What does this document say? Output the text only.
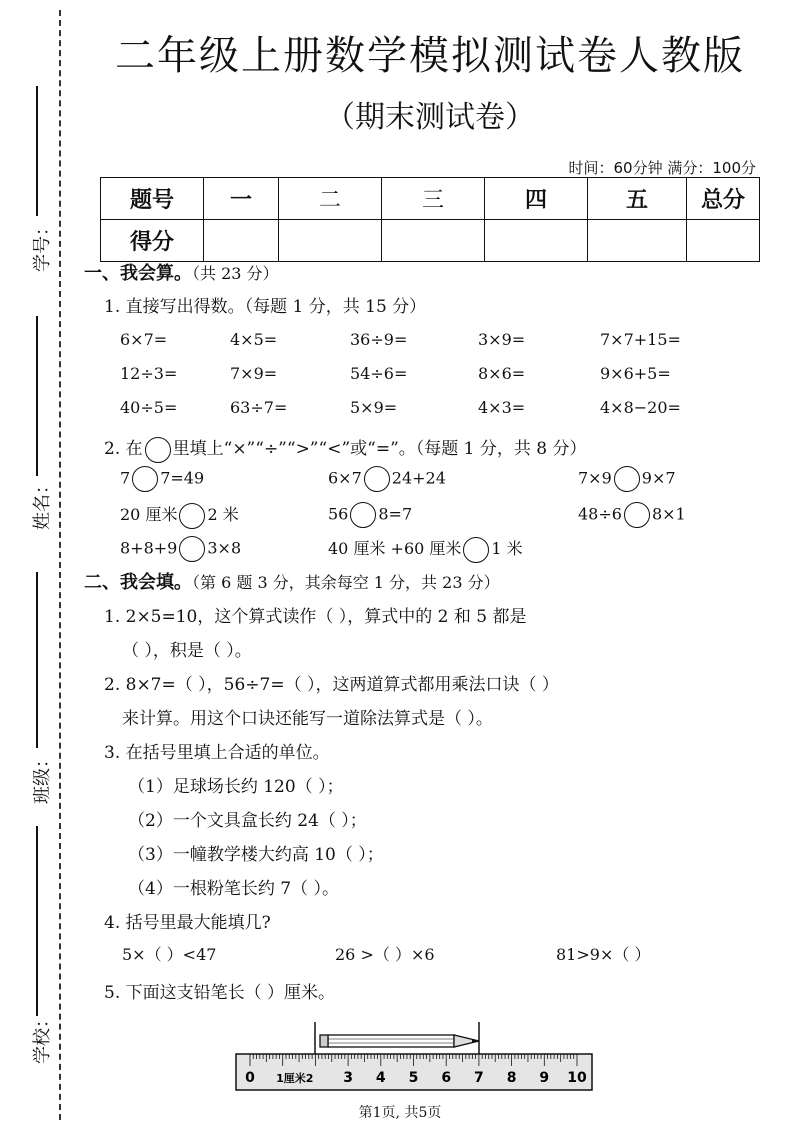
学号：
姓名：
班级：
学校：
二年级上册数学模拟测试卷人教版
（期末测试卷）
时间：60分钟 满分：100分
题号	一	二	三	四	五	总分
得分						
一、我会算。（共 23 分）
1. 直接写出得数。（每题 1 分，共 15 分）
6×7=	4×5=	36÷9=	3×9=	7×7+15=
12÷3=	7×9=	54÷6=	8×6=	9×6+5=
40÷5=	63÷7=	5×9=	4×3=	4×8−20=
2. 在 里填上“×”“÷”“>”“<”或“=”。（每题 1 分，共 8 分）
7 7=49	6×7 24+24	7×9 9×7
20 厘米 2 米	56 8=7	48÷6 8×1
8+8+9 3×8	40 厘米 +60 厘米 1 米
二、我会填。（第 6 题 3 分，其余每空 1 分，共 23 分）
1. 2×5=10，这个算式读作（ ），算式中的 2 和 5 都是
（ ），积是（ ）。
2. 8×7=（ ），56÷7=（ ），这两道算式都用乘法口诀（ ）
来计算。用这个口诀还能写一道除法算式是（ ）。
3. 在括号里填上合适的单位。
（1）足球场长约 120（ ）；
（2）一个文具盒长约 24（ ）；
（3）一幢教学楼大约高 10（ ）；
（4）一根粉笔长约 7（ ）。
4. 括号里最大能填几?
5×（ ）<47	26 >（ ）×6	81>9×（ ）
5. 下面这支铅笔长（ ）厘米。
0 1厘米2 3 4 5 6 7 8 9 10
第1页, 共5页
